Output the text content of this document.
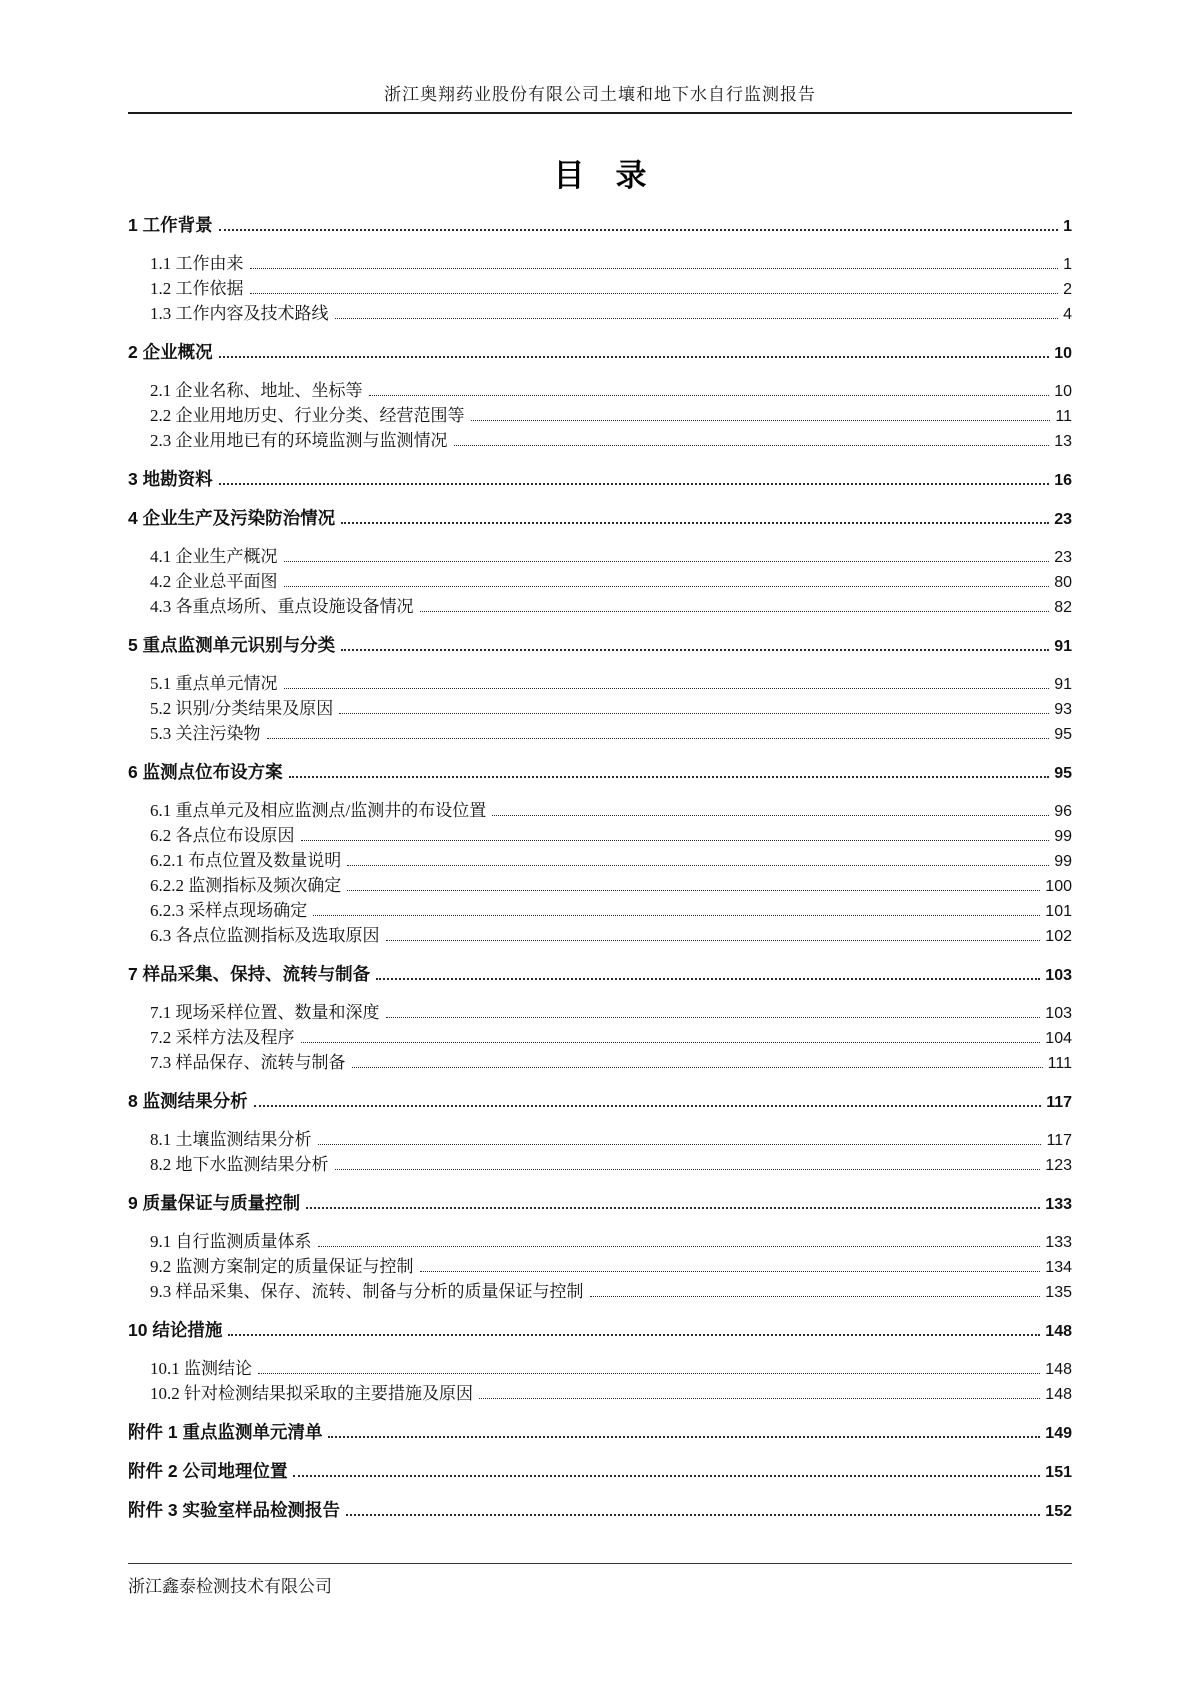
浙江奥翔药业股份有限公司土壤和地下水自行监测报告
目　录
1 工作背景	1
1.1 工作由来	1
1.2 工作依据	2
1.3 工作内容及技术路线	4
2 企业概况	10
2.1 企业名称、地址、坐标等	10
2.2 企业用地历史、行业分类、经营范围等	11
2.3 企业用地已有的环境监测与监测情况	13
3 地勘资料	16
4 企业生产及污染防治情况	23
4.1 企业生产概况	23
4.2 企业总平面图	80
4.3 各重点场所、重点设施设备情况	82
5 重点监测单元识别与分类	91
5.1 重点单元情况	91
5.2 识别/分类结果及原因	93
5.3 关注污染物	95
6 监测点位布设方案	95
6.1 重点单元及相应监测点/监测井的布设位置	96
6.2 各点位布设原因	99
6.2.1 布点位置及数量说明	99
6.2.2 监测指标及频次确定	100
6.2.3 采样点现场确定	101
6.3 各点位监测指标及选取原因	102
7 样品采集、保持、流转与制备	103
7.1 现场采样位置、数量和深度	103
7.2 采样方法及程序	104
7.3 样品保存、流转与制备	111
8 监测结果分析	117
8.1 土壤监测结果分析	117
8.2 地下水监测结果分析	123
9 质量保证与质量控制	133
9.1 自行监测质量体系	133
9.2 监测方案制定的质量保证与控制	134
9.3 样品采集、保存、流转、制备与分析的质量保证与控制	135
10 结论措施	148
10.1 监测结论	148
10.2 针对检测结果拟采取的主要措施及原因	148
附件 1 重点监测单元清单	149
附件 2 公司地理位置	151
附件 3 实验室样品检测报告	152
浙江鑫泰检测技术有限公司
